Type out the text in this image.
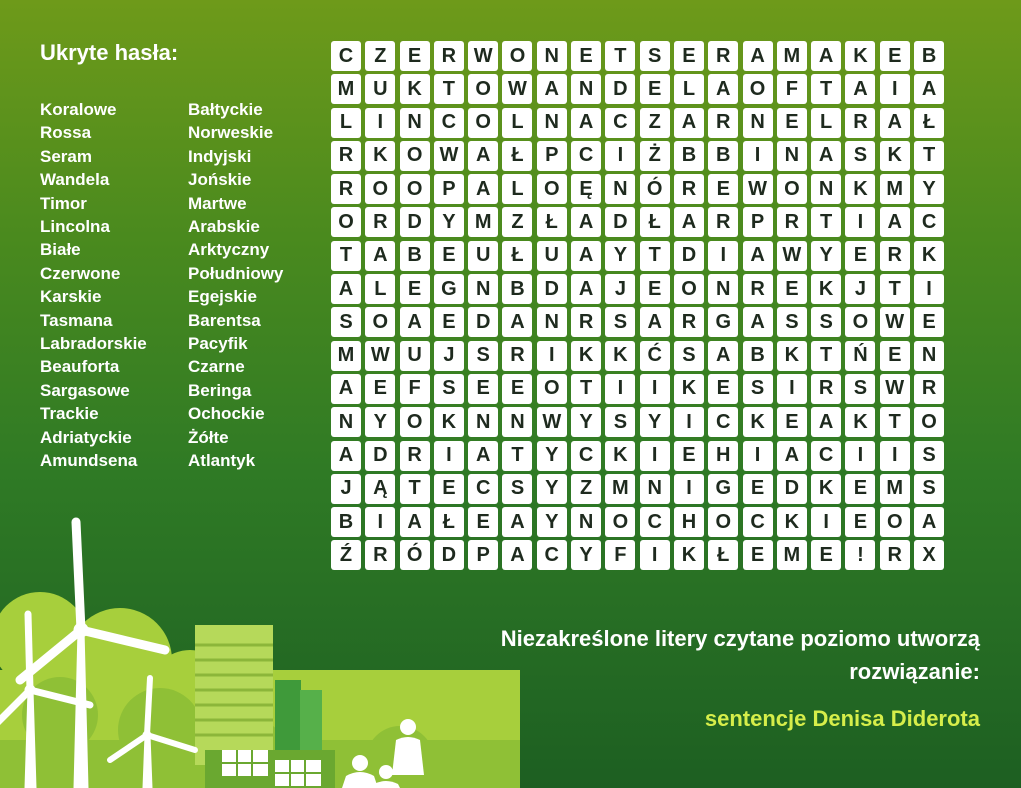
Ukryte hasła:
Koralowe
Rossa
Seram
Wandela
Timor
Lincolna
Białe
Czerwone
Karskie
Tasmana
Labradorskie
Beauforta
Sargasowe
Trackie
Adriatyckie
Amundsena
Bałtyckie
Norweskie
Indyjski
Jońskie
Martwe
Arabskie
Arktyczny
Południowy
Egejskie
Barentsa
Pacyfik
Czarne
Beringa
Ochockie
Żółte
Atlantyk
C	Z	E	R W O N	E	T	S	E	R A M A K	E	B
M U K	T	O W A N D	E	L	A O	F	T	A	I	A
L	I	N C O	L	N A C	Z	A R N	E	L	R A	Ł
R K O W A	Ł	P	C	I	Ż	B B	I	N A	S	K	T
R O O P	A	L	O Ę	N Ó R	E W O N K M Y
O R D	Y M Z	Ł	A D	Ł	A R	P	R	T	I	A C
T	A B	E	U	Ł	U A	Y	T	D	I	A W Y	E	R K
A	L	E G N B D A	J	E O N R	E	K	J	T	I
S O A	E	D A N R	S	A R G A	S	S O W E
M W U	J	S	R	I	K K Ć	S	A B K	T	Ń	E	N
A	E	F	S	E	E O	T	I	I	K	E	S	I	R	S W R
N	Y O K N N W Y	S	Y	I	C K	E	A K	T	O
A D R	I	A	T	Y	C K	I	E	H	I	A C	I	I	S
J	Ą	T	E	C	S	Y	Z M N	I	G E	D K	E M S
B	I	A	Ł	E	A	Y	N O C H O C K	I	E O A
Ź	R Ó D	P	A C	Y	F	I	K	Ł	E M E	!	R	X

Niezakreślone litery czytane poziomo utworzą rozwiązanie:

sentencje Denisa Diderota
